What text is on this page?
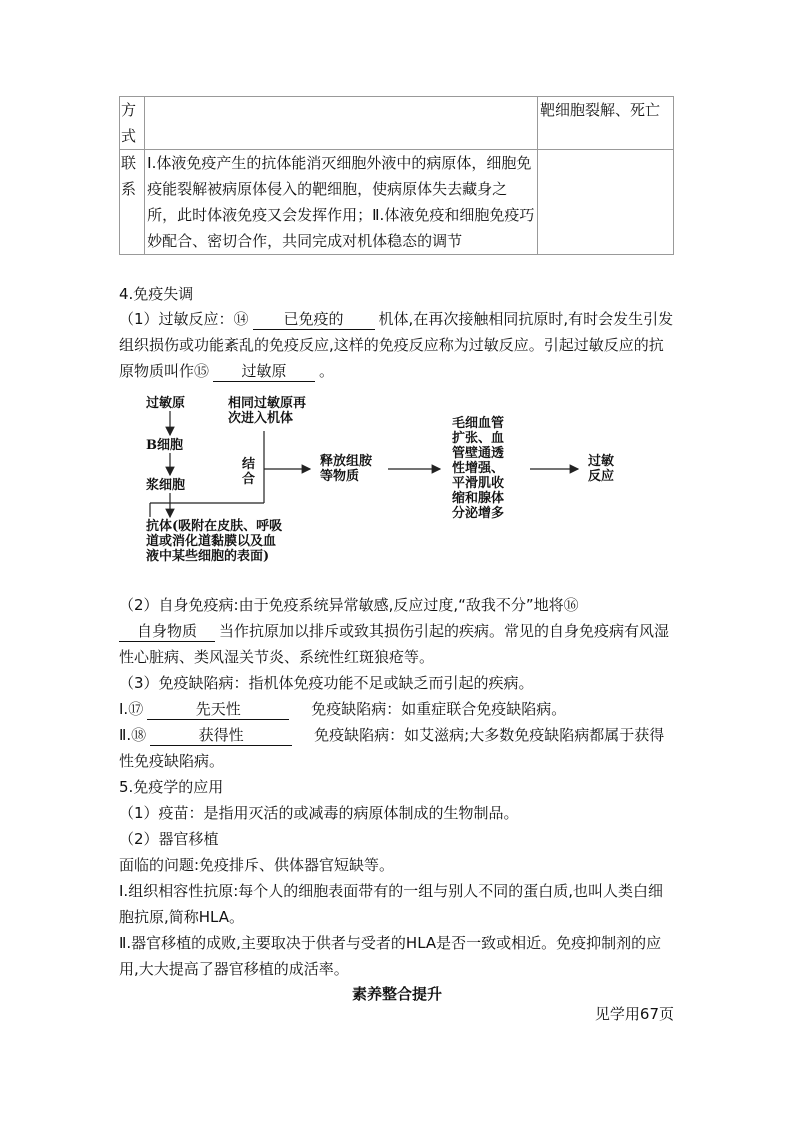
方
式		靶细胞裂解、死亡

联
系	Ⅰ.体液免疫产生的抗体能消灭细胞外液中的病原体，细胞免疫能裂解被病原体侵入的靶细胞，使病原体失去藏身之所，此时体液免疫又会发挥作用；Ⅱ.体液免疫和细胞免疫巧妙配合、密切合作，共同完成对机体稳态的调节	
4.免疫失调
（1）过敏反应：⑭ 已免疫的 机体,在再次接触相同抗原时,有时会发生引发组织损伤或功能紊乱的免疫反应,这样的免疫反应称为过敏反应。引起过敏反应的抗原物质叫作⑮ 过敏原 。
过敏原
B细胞
浆细胞
抗体(吸附在皮肤、呼吸
道或消化道黏膜以及血
液中某些细胞的表面)
相同过敏原再
次进入机体
结
合
释放组胺
等物质
毛细血管
扩张、血
管壁通透
性增强、
平滑肌收
缩和腺体
分泌增多
过敏
反应
（2）自身免疫病:由于免疫系统异常敏感,反应过度,“敌我不分”地将⑯自身物质 当作抗原加以排斥或致其损伤引起的疾病。常见的自身免疫病有风湿性心脏病、类风湿关节炎、系统性红斑狼疮等。
（3）免疫缺陷病：指机体免疫功能不足或缺乏而引起的疾病。
Ⅰ.⑰	先天性	免疫缺陷病：如重症联合免疫缺陷病。
Ⅱ.⑱	获得性	免疫缺陷病：如艾滋病;大多数免疫缺陷病都属于获得性免疫缺陷病。
5.免疫学的应用
（1）疫苗：是指用灭活的或减毒的病原体制成的生物制品。
（2）器官移植
面临的问题:免疫排斥、供体器官短缺等。
Ⅰ.组织相容性抗原:每个人的细胞表面带有的一组与别人不同的蛋白质,也叫人类白细胞抗原,简称HLA。
Ⅱ.器官移植的成败,主要取决于供者与受者的HLA是否一致或相近。免疫抑制剂的应用,大大提高了器官移植的成活率。
素养整合提升
见学用67页
